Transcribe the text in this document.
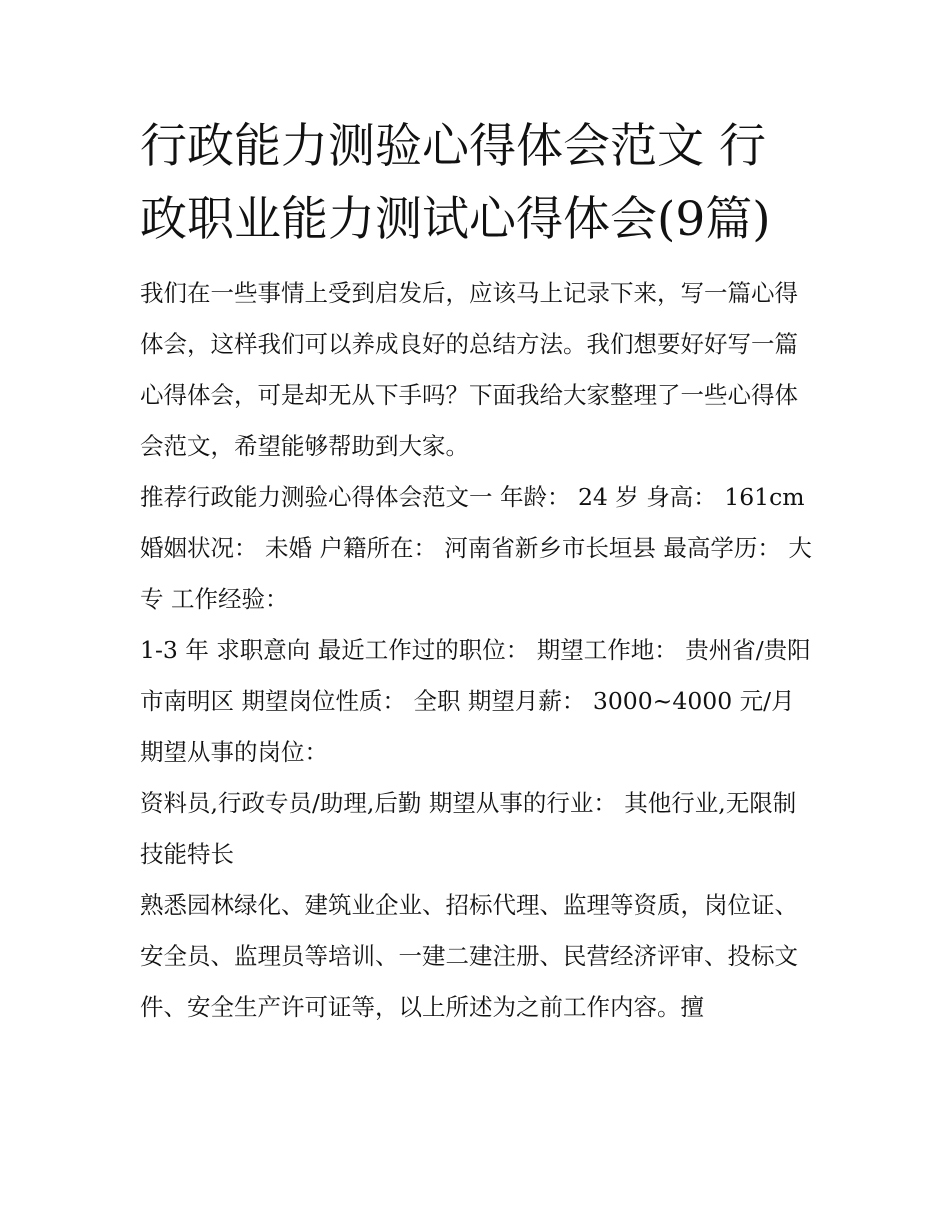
行政能力测验心得体会范文 行政职业能力测试心得体会(9篇)

我们在一些事情上受到启发后，应该马上记录下来，写一篇心得体会，这样我们可以养成良好的总结方法。我们想要好好写一篇心得体会，可是却无从下手吗？下面我给大家整理了一些心得体会范文，希望能够帮助到大家。

推荐行政能力测验心得体会范文一 年龄： 24 岁 身高： 161cm 婚姻状况： 未婚 户籍所在： 河南省新乡市长垣县 最高学历： 大专 工作经验：

1-3 年 求职意向 最近工作过的职位： 期望工作地： 贵州省/贵阳市南明区 期望岗位性质： 全职 期望月薪： 3000~4000 元/月 期望从事的岗位：

资料员,行政专员/助理,后勤 期望从事的行业： 其他行业,无限制 技能特长

熟悉园林绿化、建筑业企业、招标代理、监理等资质，岗位证、安全员、监理员等培训、一建二建注册、民营经济评审、投标文件、安全生产许可证等，以上所述为之前工作内容。擅
